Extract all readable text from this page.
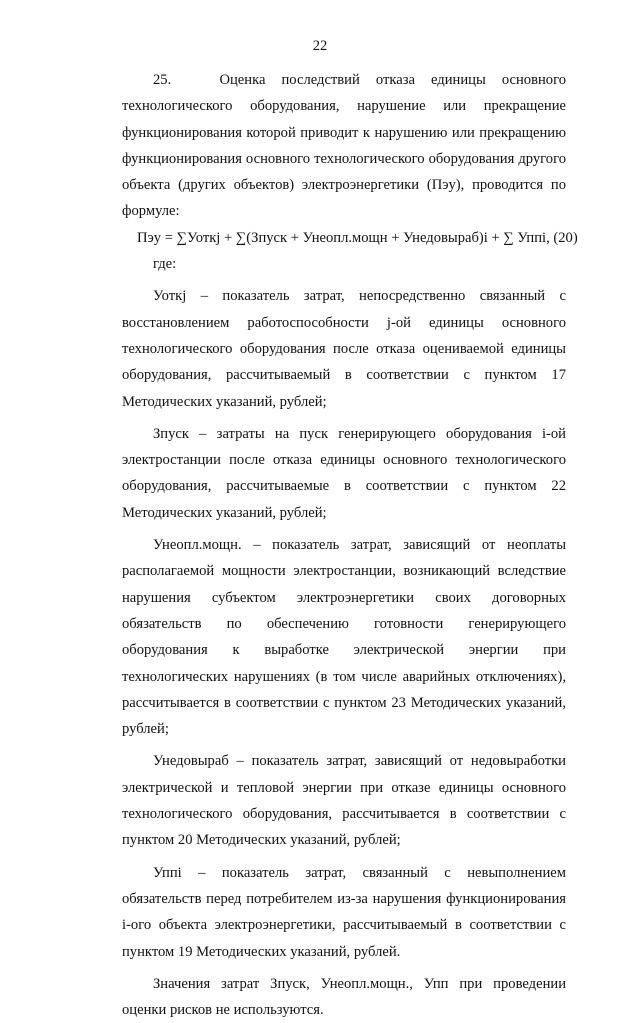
22

25.   Оценка последствий отказа единицы основного технологического оборудования, нарушение или прекращение функционирования которой приводит к нарушению или прекращению функционирования основного технологического оборудования другого объекта (других объектов) электроэнергетики (Пэу), проводится по формуле:

Пэу = ∑Уоткj + ∑(Зпуск + Унеопл.мощн + Унедовыраб)i + ∑ Уппi, (20)

где:

Уоткj – показатель затрат, непосредственно связанный с восстановлением работоспособности j-ой единицы основного технологического оборудования после отказа оцениваемой единицы оборудования, рассчитываемый в соответствии с пунктом 17 Методических указаний, рублей;

Зпуск – затраты на пуск генерирующего оборудования i-ой электростанции после отказа единицы основного технологического оборудования, рассчитываемые в соответствии с пунктом 22 Методических указаний, рублей;

Унеопл.мощн. – показатель затрат, зависящий от неоплаты располагаемой мощности электростанции, возникающий вследствие нарушения субъектом электроэнергетики своих договорных обязательств по обеспечению готовности генерирующего оборудования к выработке электрической энергии при технологических нарушениях (в том числе аварийных отключениях), рассчитывается в соответствии с пунктом 23 Методических указаний, рублей;

Унедовыраб – показатель затрат, зависящий от недовыработки электрической и тепловой энергии при отказе единицы основного технологического оборудования, рассчитывается в соответствии с пунктом 20 Методических указаний, рублей;

Уппi – показатель затрат, связанный с невыполнением обязательств перед потребителем из-за нарушения функционирования i-ого объекта электроэнергетики, рассчитываемый в соответствии с пунктом 19 Методических указаний, рублей.

Значения затрат Зпуск, Унеопл.мощн., Упп при проведении оценки рисков не используются.
